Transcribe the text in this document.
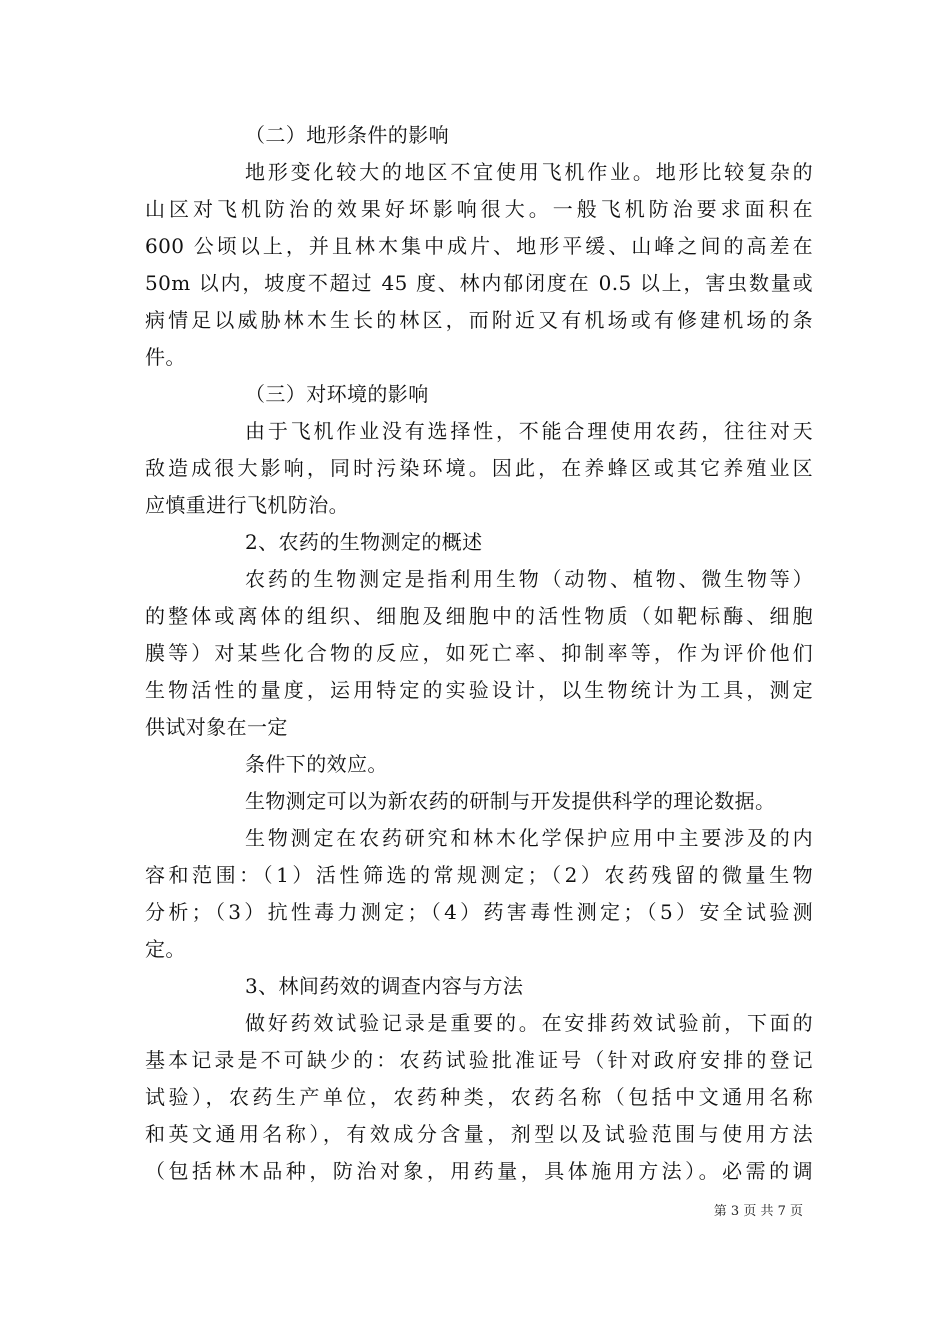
（二）地形条件的影响
地形变化较大的地区不宜使用飞机作业。地形比较复杂的
山区对飞机防治的效果好坏影响很大。一般飞机防治要求面积在
600 公顷以上，并且林木集中成片、地形平缓、山峰之间的高差在
50m 以内，坡度不超过 45 度、林内郁闭度在 0.5 以上，害虫数量或
病情足以威胁林木生长的林区，而附近又有机场或有修建机场的条
件。
（三）对环境的影响
由于飞机作业没有选择性，不能合理使用农药，往往对天
敌造成很大影响，同时污染环境。因此，在养蜂区或其它养殖业区
应慎重进行飞机防治。
2、农药的生物测定的概述
农药的生物测定是指利用生物（动物、植物、微生物等）
的整体或离体的组织、细胞及细胞中的活性物质（如靶标酶、细胞
膜等）对某些化合物的反应，如死亡率、抑制率等，作为评价他们
生物活性的量度，运用特定的实验设计，以生物统计为工具，测定
供试对象在一定
条件下的效应。
生物测定可以为新农药的研制与开发提供科学的理论数据。
生物测定在农药研究和林木化学保护应用中主要涉及的内
容和范围：（1）活性筛选的常规测定；（2）农药残留的微量生物
分析；（3）抗性毒力测定；（4）药害毒性测定；（5）安全试验测
定。
3、林间药效的调查内容与方法
做好药效试验记录是重要的。在安排药效试验前，下面的
基本记录是不可缺少的：农药试验批准证号（针对政府安排的登记
试验），农药生产单位，农药种类，农药名称（包括中文通用名称
和英文通用名称），有效成分含量，剂型以及试验范围与使用方法
（包括林木品种，防治对象，用药量，具体施用方法）。必需的调
第 3 页 共 7 页
